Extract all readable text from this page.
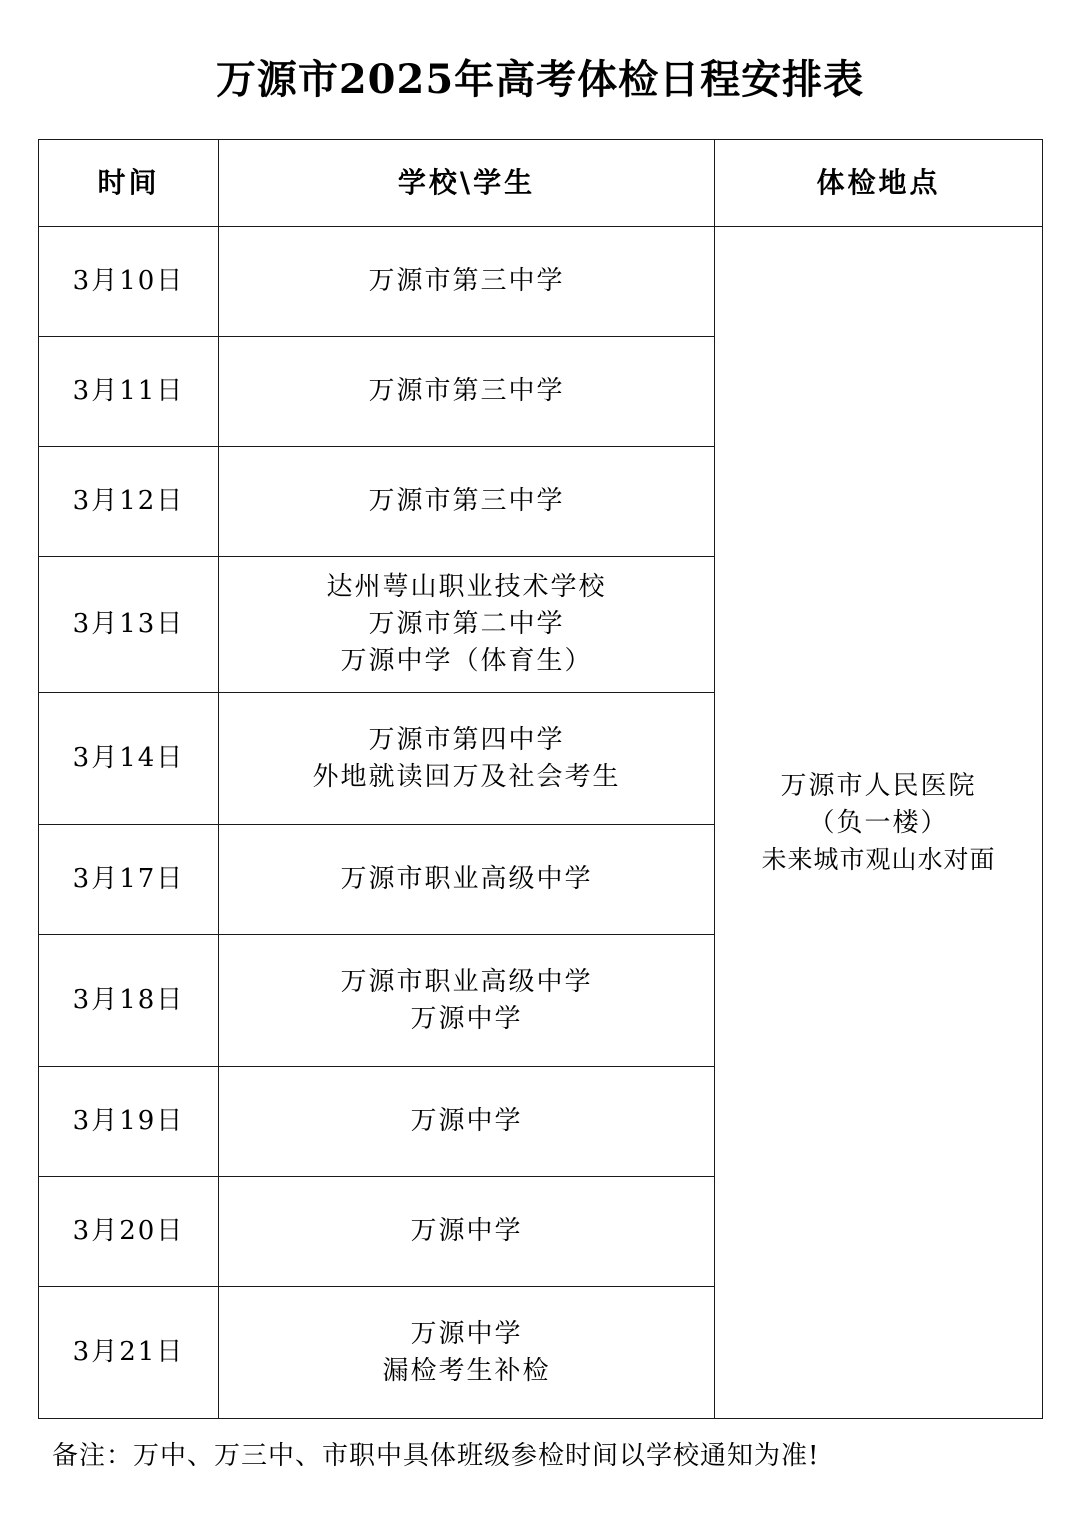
万源市2025年高考体检日程安排表
时间	学校\学生	体检地点
3月10日	万源市第三中学	万源市人民医院
（负一楼）
未来城市观山水对面

3月11日	万源市第三中学	

3月12日	万源市第三中学	

3月13日	达州萼山职业技术学校
万源市第二中学
万源中学（体育生）	

3月14日	万源市第四中学
外地就读回万及社会考生	

3月17日	万源市职业高级中学	

3月18日	万源市职业高级中学
万源中学	

3月19日	万源中学	

3月20日	万源中学	

3月21日	万源中学
漏检考生补检	
备注：万中、万三中、市职中具体班级参检时间以学校通知为准!
